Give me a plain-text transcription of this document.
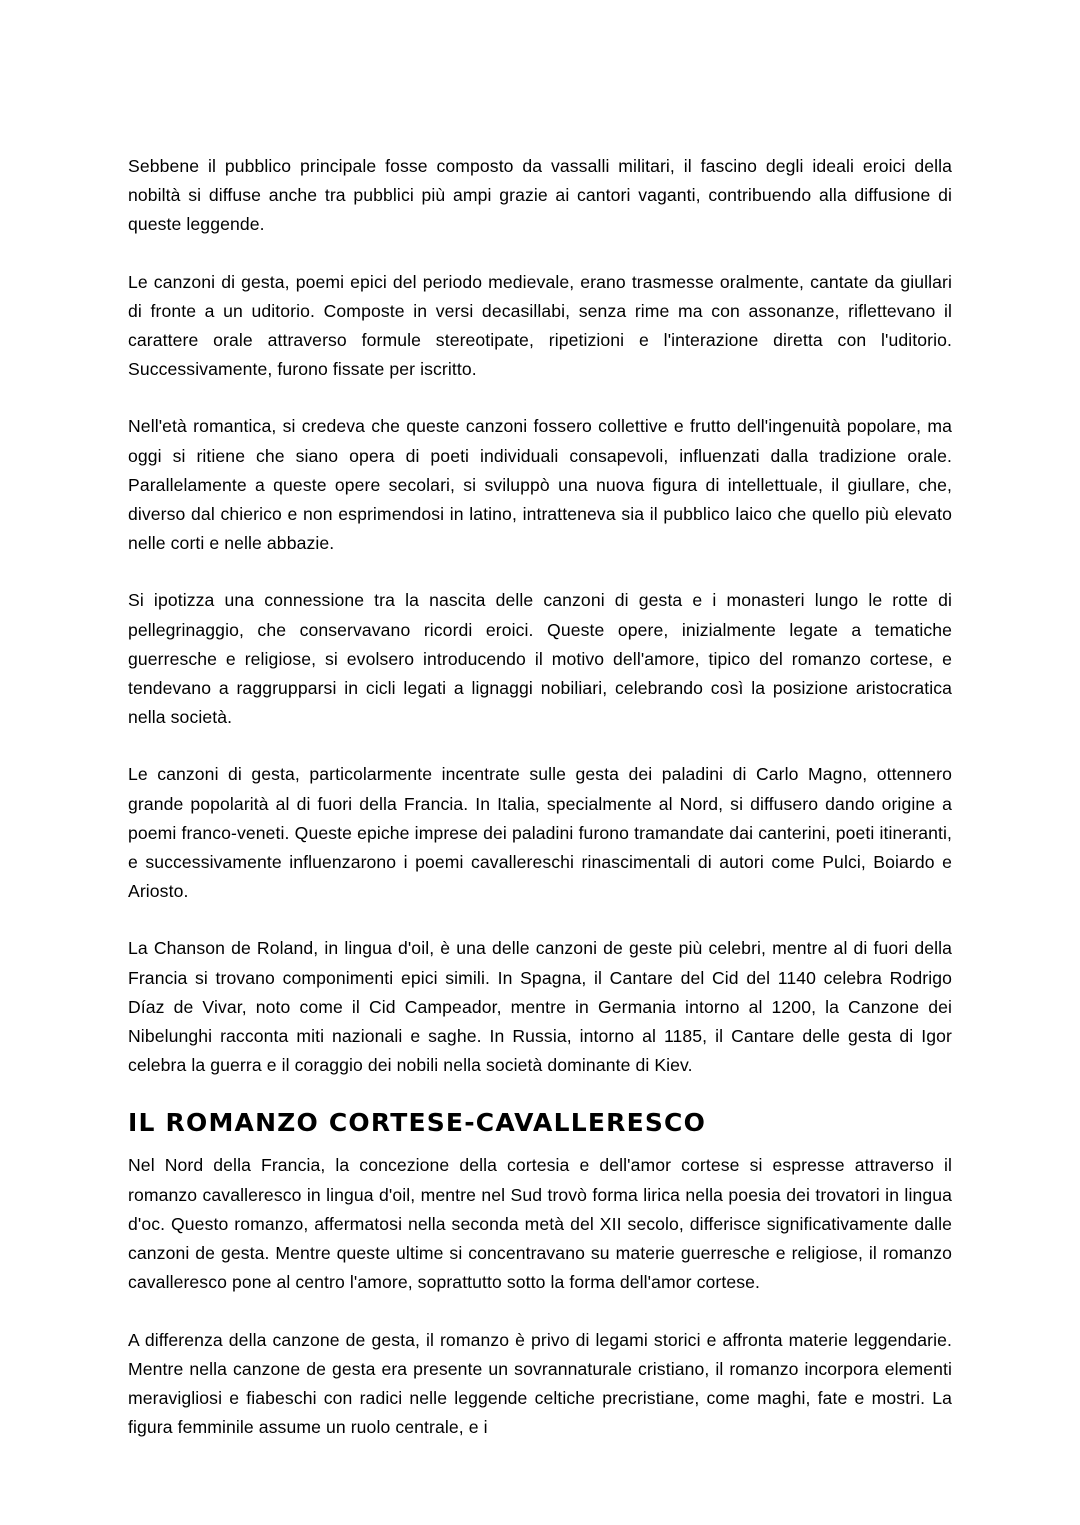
Sebbene il pubblico principale fosse composto da vassalli militari, il fascino degli ideali eroici della nobiltà si diffuse anche tra pubblici più ampi grazie ai cantori vaganti, contribuendo alla diffusione di queste leggende.

Le canzoni di gesta, poemi epici del periodo medievale, erano trasmesse oralmente, cantate da giullari di fronte a un uditorio. Composte in versi decasillabi, senza rime ma con assonanze, riflettevano il carattere orale attraverso formule stereotipate, ripetizioni e l'interazione diretta con l'uditorio. Successivamente, furono fissate per iscritto.

Nell'età romantica, si credeva che queste canzoni fossero collettive e frutto dell'ingenuità popolare, ma oggi si ritiene che siano opera di poeti individuali consapevoli, influenzati dalla tradizione orale. Parallelamente a queste opere secolari, si sviluppò una nuova figura di intellettuale, il giullare, che, diverso dal chierico e non esprimendosi in latino, intratteneva sia il pubblico laico che quello più elevato nelle corti e nelle abbazie.

Si ipotizza una connessione tra la nascita delle canzoni di gesta e i monasteri lungo le rotte di pellegrinaggio, che conservavano ricordi eroici. Queste opere, inizialmente legate a tematiche guerresche e religiose, si evolsero introducendo il motivo dell'amore, tipico del romanzo cortese, e tendevano a raggrupparsi in cicli legati a lignaggi nobiliari, celebrando così la posizione aristocratica nella società.

Le canzoni di gesta, particolarmente incentrate sulle gesta dei paladini di Carlo Magno, ottennero grande popolarità al di fuori della Francia. In Italia, specialmente al Nord, si diffusero dando origine a poemi franco-veneti. Queste epiche imprese dei paladini furono tramandate dai canterini, poeti itineranti, e successivamente influenzarono i poemi cavallereschi rinascimentali di autori come Pulci, Boiardo e Ariosto.

La Chanson de Roland, in lingua d'oil, è una delle canzoni de geste più celebri, mentre al di fuori della Francia si trovano componimenti epici simili. In Spagna, il Cantare del Cid del 1140 celebra Rodrigo Díaz de Vivar, noto come il Cid Campeador, mentre in Germania intorno al 1200, la Canzone dei Nibelunghi racconta miti nazionali e saghe. In Russia, intorno al 1185, il Cantare delle gesta di Igor celebra la guerra e il coraggio dei nobili nella società dominante di Kiev.

IL ROMANZO CORTESE-CAVALLERESCO

Nel Nord della Francia, la concezione della cortesia e dell'amor cortese si espresse attraverso il romanzo cavalleresco in lingua d'oil, mentre nel Sud trovò forma lirica nella poesia dei trovatori in lingua d'oc. Questo romanzo, affermatosi nella seconda metà del XII secolo, differisce significativamente dalle canzoni de gesta. Mentre queste ultime si concentravano su materie guerresche e religiose, il romanzo cavalleresco pone al centro l'amore, soprattutto sotto la forma dell'amor cortese.

A differenza della canzone de gesta, il romanzo è privo di legami storici e affronta materie leggendarie. Mentre nella canzone de gesta era presente un sovrannaturale cristiano, il romanzo incorpora elementi meravigliosi e fiabeschi con radici nelle leggende celtiche precristiane, come maghi, fate e mostri. La figura femminile assume un ruolo centrale, e i
